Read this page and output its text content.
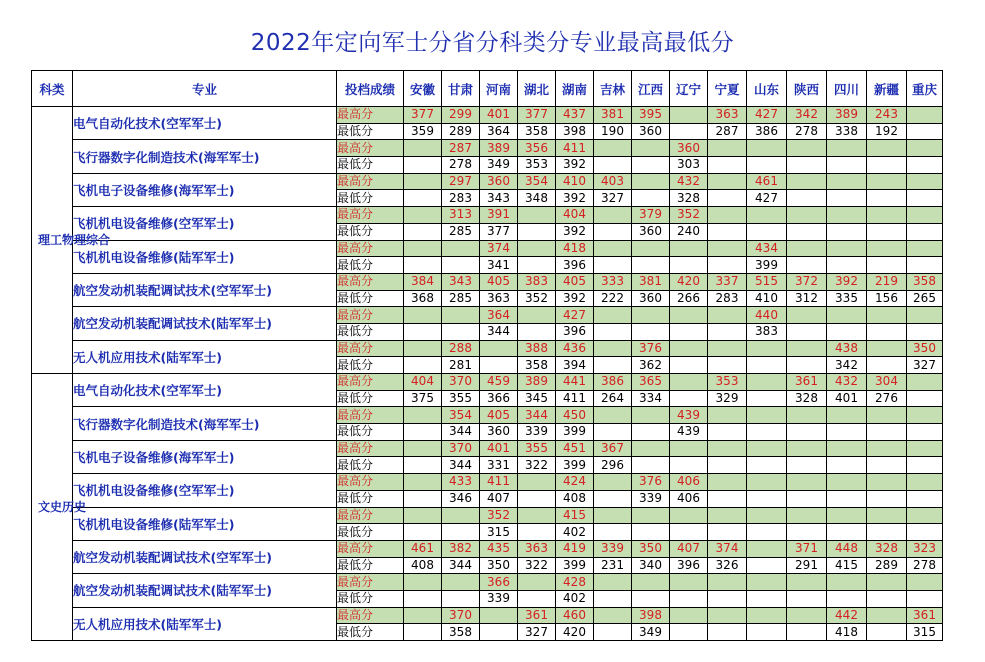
2022年定向军士分省分科类分专业最高最低分
科类	专业	投档成绩	安徽	甘肃	河南	湖北	湖南	吉林	江西	辽宁	宁夏	山东	陕西	四川	新疆	重庆
理工物理综合	电气自动化技术(空军军士)	最高分	377	299	401	377	437	381	395		363	427	342	389	243	
		最低分	359	289	364	358	398	190	360		287	386	278	338	192	
	飞行器数字化制造技术(海军军士)	最高分		287	389	356	411			360						
		最低分		278	349	353	392			303						
	飞机电子设备维修(海军军士)	最高分		297	360	354	410	403		432		461				
		最低分		283	343	348	392	327		328		427				
	飞机机电设备维修(空军军士)	最高分		313	391		404		379	352						
		最低分		285	377		392		360	240						
	飞机机电设备维修(陆军军士)	最高分			374		418					434				
		最低分			341		396					399				
	航空发动机装配调试技术(空军军士)	最高分	384	343	405	383	405	333	381	420	337	515	372	392	219	358
		最低分	368	285	363	352	392	222	360	266	283	410	312	335	156	265
	航空发动机装配调试技术(陆军军士)	最高分			364		427					440				
		最低分			344		396					383				
	无人机应用技术(陆军军士)	最高分		288		388	436		376					438		350
		最低分		281		358	394		362					342		327
文史历史	电气自动化技术(空军军士)	最高分	404	370	459	389	441	386	365		353		361	432	304	
		最低分	375	355	366	345	411	264	334		329		328	401	276	
	飞行器数字化制造技术(海军军士)	最高分		354	405	344	450			439						
		最低分		344	360	339	399			439						
	飞机电子设备维修(海军军士)	最高分		370	401	355	451	367								
		最低分		344	331	322	399	296								
	飞机机电设备维修(空军军士)	最高分		433	411		424		376	406						
		最低分		346	407		408		339	406						
	飞机机电设备维修(陆军军士)	最高分			352		415									
		最低分			315		402									
	航空发动机装配调试技术(空军军士)	最高分	461	382	435	363	419	339	350	407	374		371	448	328	323
		最低分	408	344	350	322	399	231	340	396	326		291	415	289	278
	航空发动机装配调试技术(陆军军士)	最高分			366		428									
		最低分			339		402									
	无人机应用技术(陆军军士)	最高分		370		361	460		398					442		361
		最低分		358		327	420		349					418		315
